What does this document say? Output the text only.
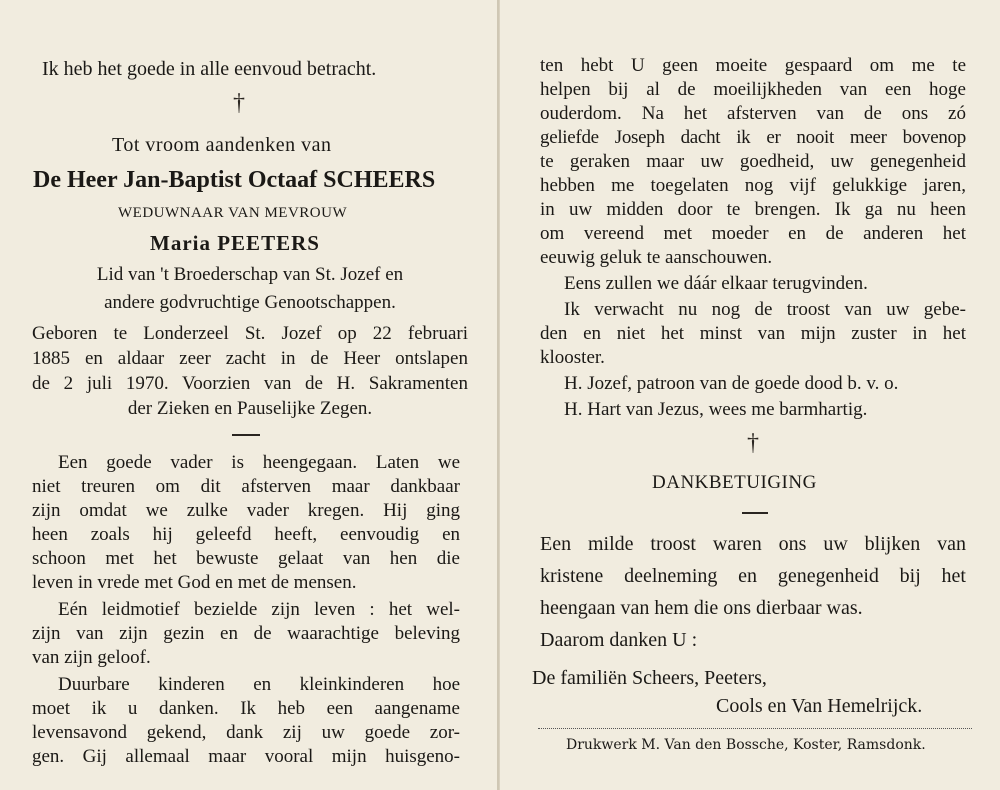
Ik heb het goede in alle eenvoud betracht.
†
Tot vroom aandenken van
De Heer Jan-Baptist Octaaf SCHEERS
WEDUWNAAR VAN MEVROUW
Maria PEETERS
Lid van 't Broederschap van St. Jozef en
andere godvruchtige Genootschappen.
Geboren te Londerzeel St. Jozef op 22 februari
1885 en aldaar zeer zacht in de Heer ontslapen
de 2 juli 1970. Voorzien van de H. Sakramenten
der Zieken en Pauselijke Zegen.
Een goede vader is heengegaan. Laten we
niet treuren om dit afsterven maar dankbaar
zijn omdat we zulke vader kregen. Hij ging
heen zoals hij geleefd heeft, eenvoudig en
schoon met het bewuste gelaat van hen die
leven in vrede met God en met de mensen.
Eén leidmotief bezielde zijn leven : het wel-
zijn van zijn gezin en de waarachtige beleving
van zijn geloof.
Duurbare kinderen en kleinkinderen hoe
moet ik u danken. Ik heb een aangename
levensavond gekend, dank zij uw goede zor-
gen. Gij allemaal maar vooral mijn huisgeno-
ten hebt U geen moeite gespaard om me te
helpen bij al de moeilijkheden van een hoge
ouderdom. Na het afsterven van de ons zó
geliefde Joseph dacht ik er nooit meer bovenop
te geraken maar uw goedheid, uw genegenheid
hebben me toegelaten nog vijf gelukkige jaren,
in uw midden door te brengen. Ik ga nu heen
om vereend met moeder en de anderen het
eeuwig geluk te aanschouwen.
Eens zullen we dáár elkaar terugvinden.
Ik verwacht nu nog de troost van uw gebe-
den en niet het minst van mijn zuster in het
klooster.
H. Jozef, patroon van de goede dood b. v. o.
H. Hart van Jezus, wees me barmhartig.
†
DANKBETUIGING
Een milde troost waren ons uw blijken van
kristene deelneming en genegenheid bij het
heengaan van hem die ons dierbaar was.
Daarom danken U :
De familiën Scheers, Peeters,
Cools en Van Hemelrijck.
Drukwerk M. Van den Bossche, Koster, Ramsdonk.
